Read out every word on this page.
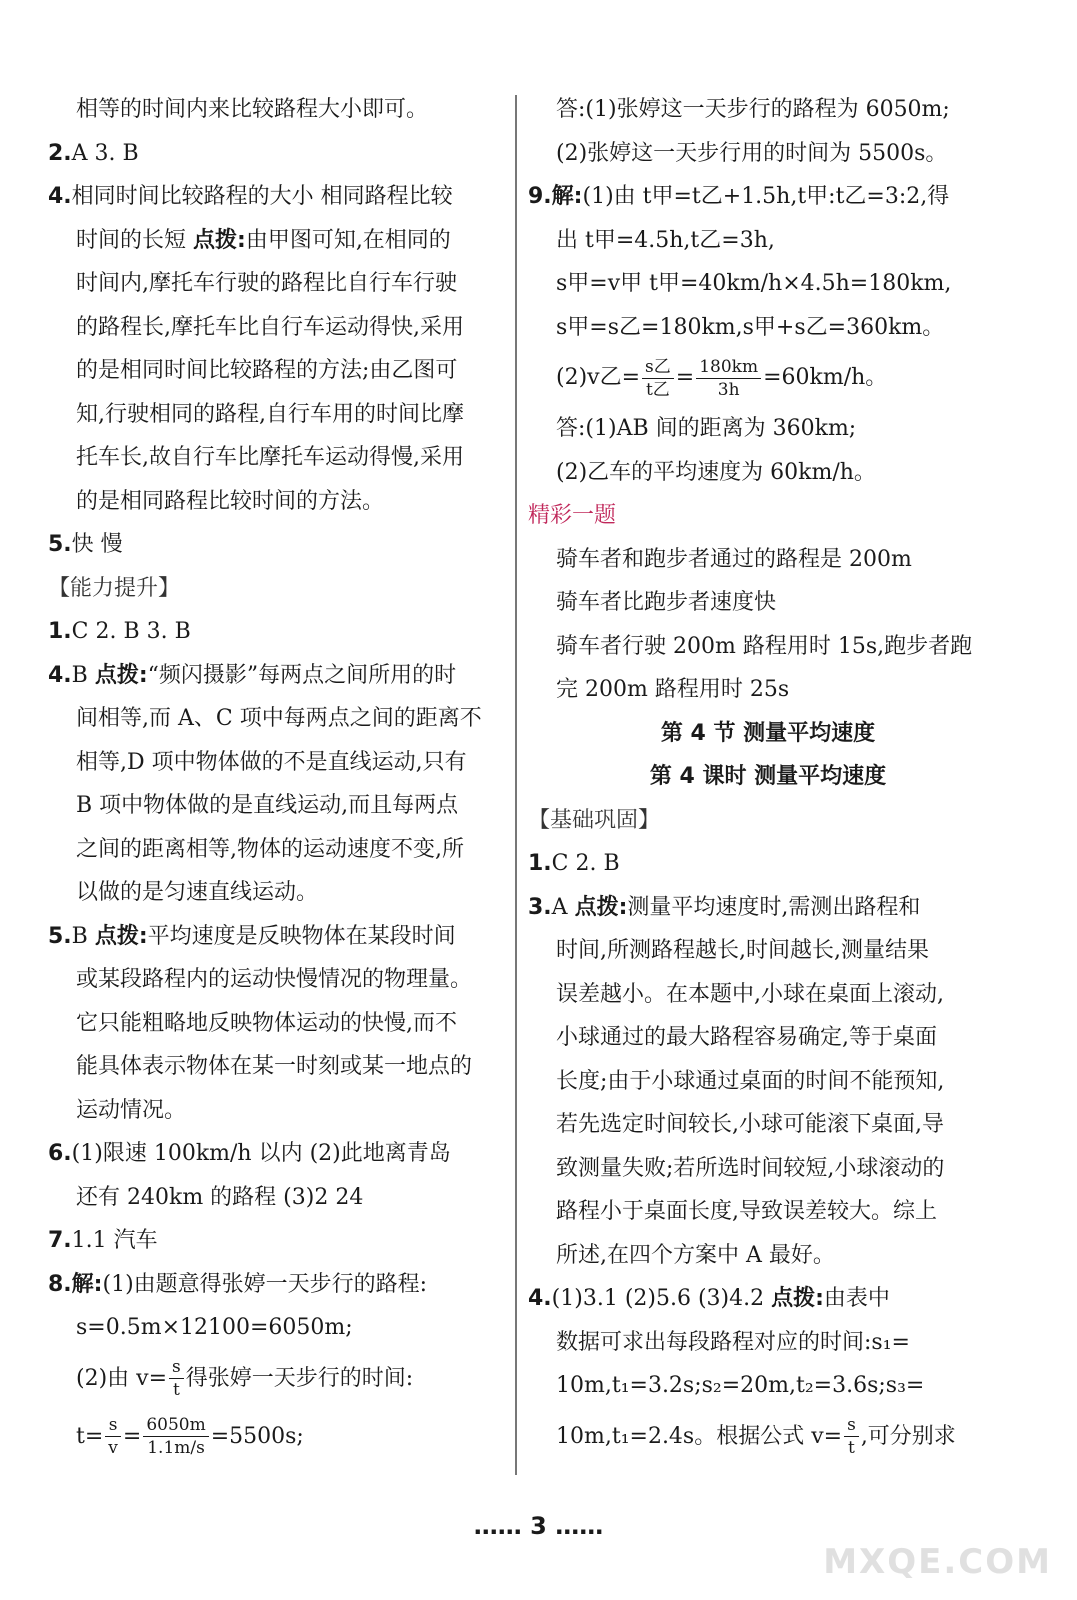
相等的时间内来比较路程大小即可。
2.A 3. B
4.相同时间比较路程的大小 相同路程比较
时间的长短 点拨:由甲图可知,在相同的
时间内,摩托车行驶的路程比自行车行驶
的路程长,摩托车比自行车运动得快,采用
的是相同时间比较路程的方法;由乙图可
知,行驶相同的路程,自行车用的时间比摩
托车长,故自行车比摩托车运动得慢,采用
的是相同路程比较时间的方法。
5.快 慢
【能力提升】
1.C 2. B 3. B
4.B 点拨:“频闪摄影”每两点之间所用的时
间相等,而 A、C 项中每两点之间的距离不
相等,D 项中物体做的不是直线运动,只有
B 项中物体做的是直线运动,而且每两点
之间的距离相等,物体的运动速度不变,所
以做的是匀速直线运动。
5.B 点拨:平均速度是反映物体在某段时间
或某段路程内的运动快慢情况的物理量。
它只能粗略地反映物体运动的快慢,而不
能具体表示物体在某一时刻或某一地点的
运动情况。
6.(1)限速 100km/h 以内 (2)此地离青岛
还有 240km 的路程 (3)2 24
7.1.1 汽车
8.解:(1)由题意得张婷一天步行的路程:
s=0.5m×12100=6050m;
(2)由 $v= \frac{s}{t}$ 得张婷一天步行的时间:
$t= \frac{s}{v} = \frac{6050m}{1.1m/s} =5500s$;
答:(1)张婷这一天步行的路程为 6050m;
(2)张婷这一天步行用的时间为 5500s。
9.解:(1)由 t甲=t乙+1.5h,t甲:t乙=3:2,得
出 t甲=4.5h,t乙=3h,
s甲=v甲 t甲=40km/h×4.5h=180km,
s甲=s乙=180km,s甲+s乙=360km。
(2)v乙= $\frac{\text{s乙}}{\text{t乙}} = \frac{180km}{3h} =60km/h$。
答:(1)AB 间的距离为 360km;
(2)乙车的平均速度为 60km/h。
精彩一题
骑车者和跑步者通过的路程是 200m
骑车者比跑步者速度快
骑车者行驶 200m 路程用时 15s,跑步者跑
完 200m 路程用时 25s
第 4 节 测量平均速度
第 4 课时 测量平均速度
【基础巩固】
1.C 2. B
3.A 点拨:测量平均速度时,需测出路程和
时间,所测路程越长,时间越长,测量结果
误差越小。在本题中,小球在桌面上滚动,
小球通过的最大路程容易确定,等于桌面
长度;由于小球通过桌面的时间不能预知,
若先选定时间较长,小球可能滚下桌面,导
致测量失败;若所选时间较短,小球滚动的
路程小于桌面长度,导致误差较大。综上
所述,在四个方案中 A 最好。
4.(1)3.1 (2)5.6 (3)4.2 点拨:由表中
数据可求出每段路程对应的时间:s₁=
10m,t₁=3.2s;s₂=20m,t₂=3.6s;s₃=
10m,t₁=2.4s。根据公式 $v= \frac{s}{t}$ ,可分别求
…… 3 ……
MXQE.COM
